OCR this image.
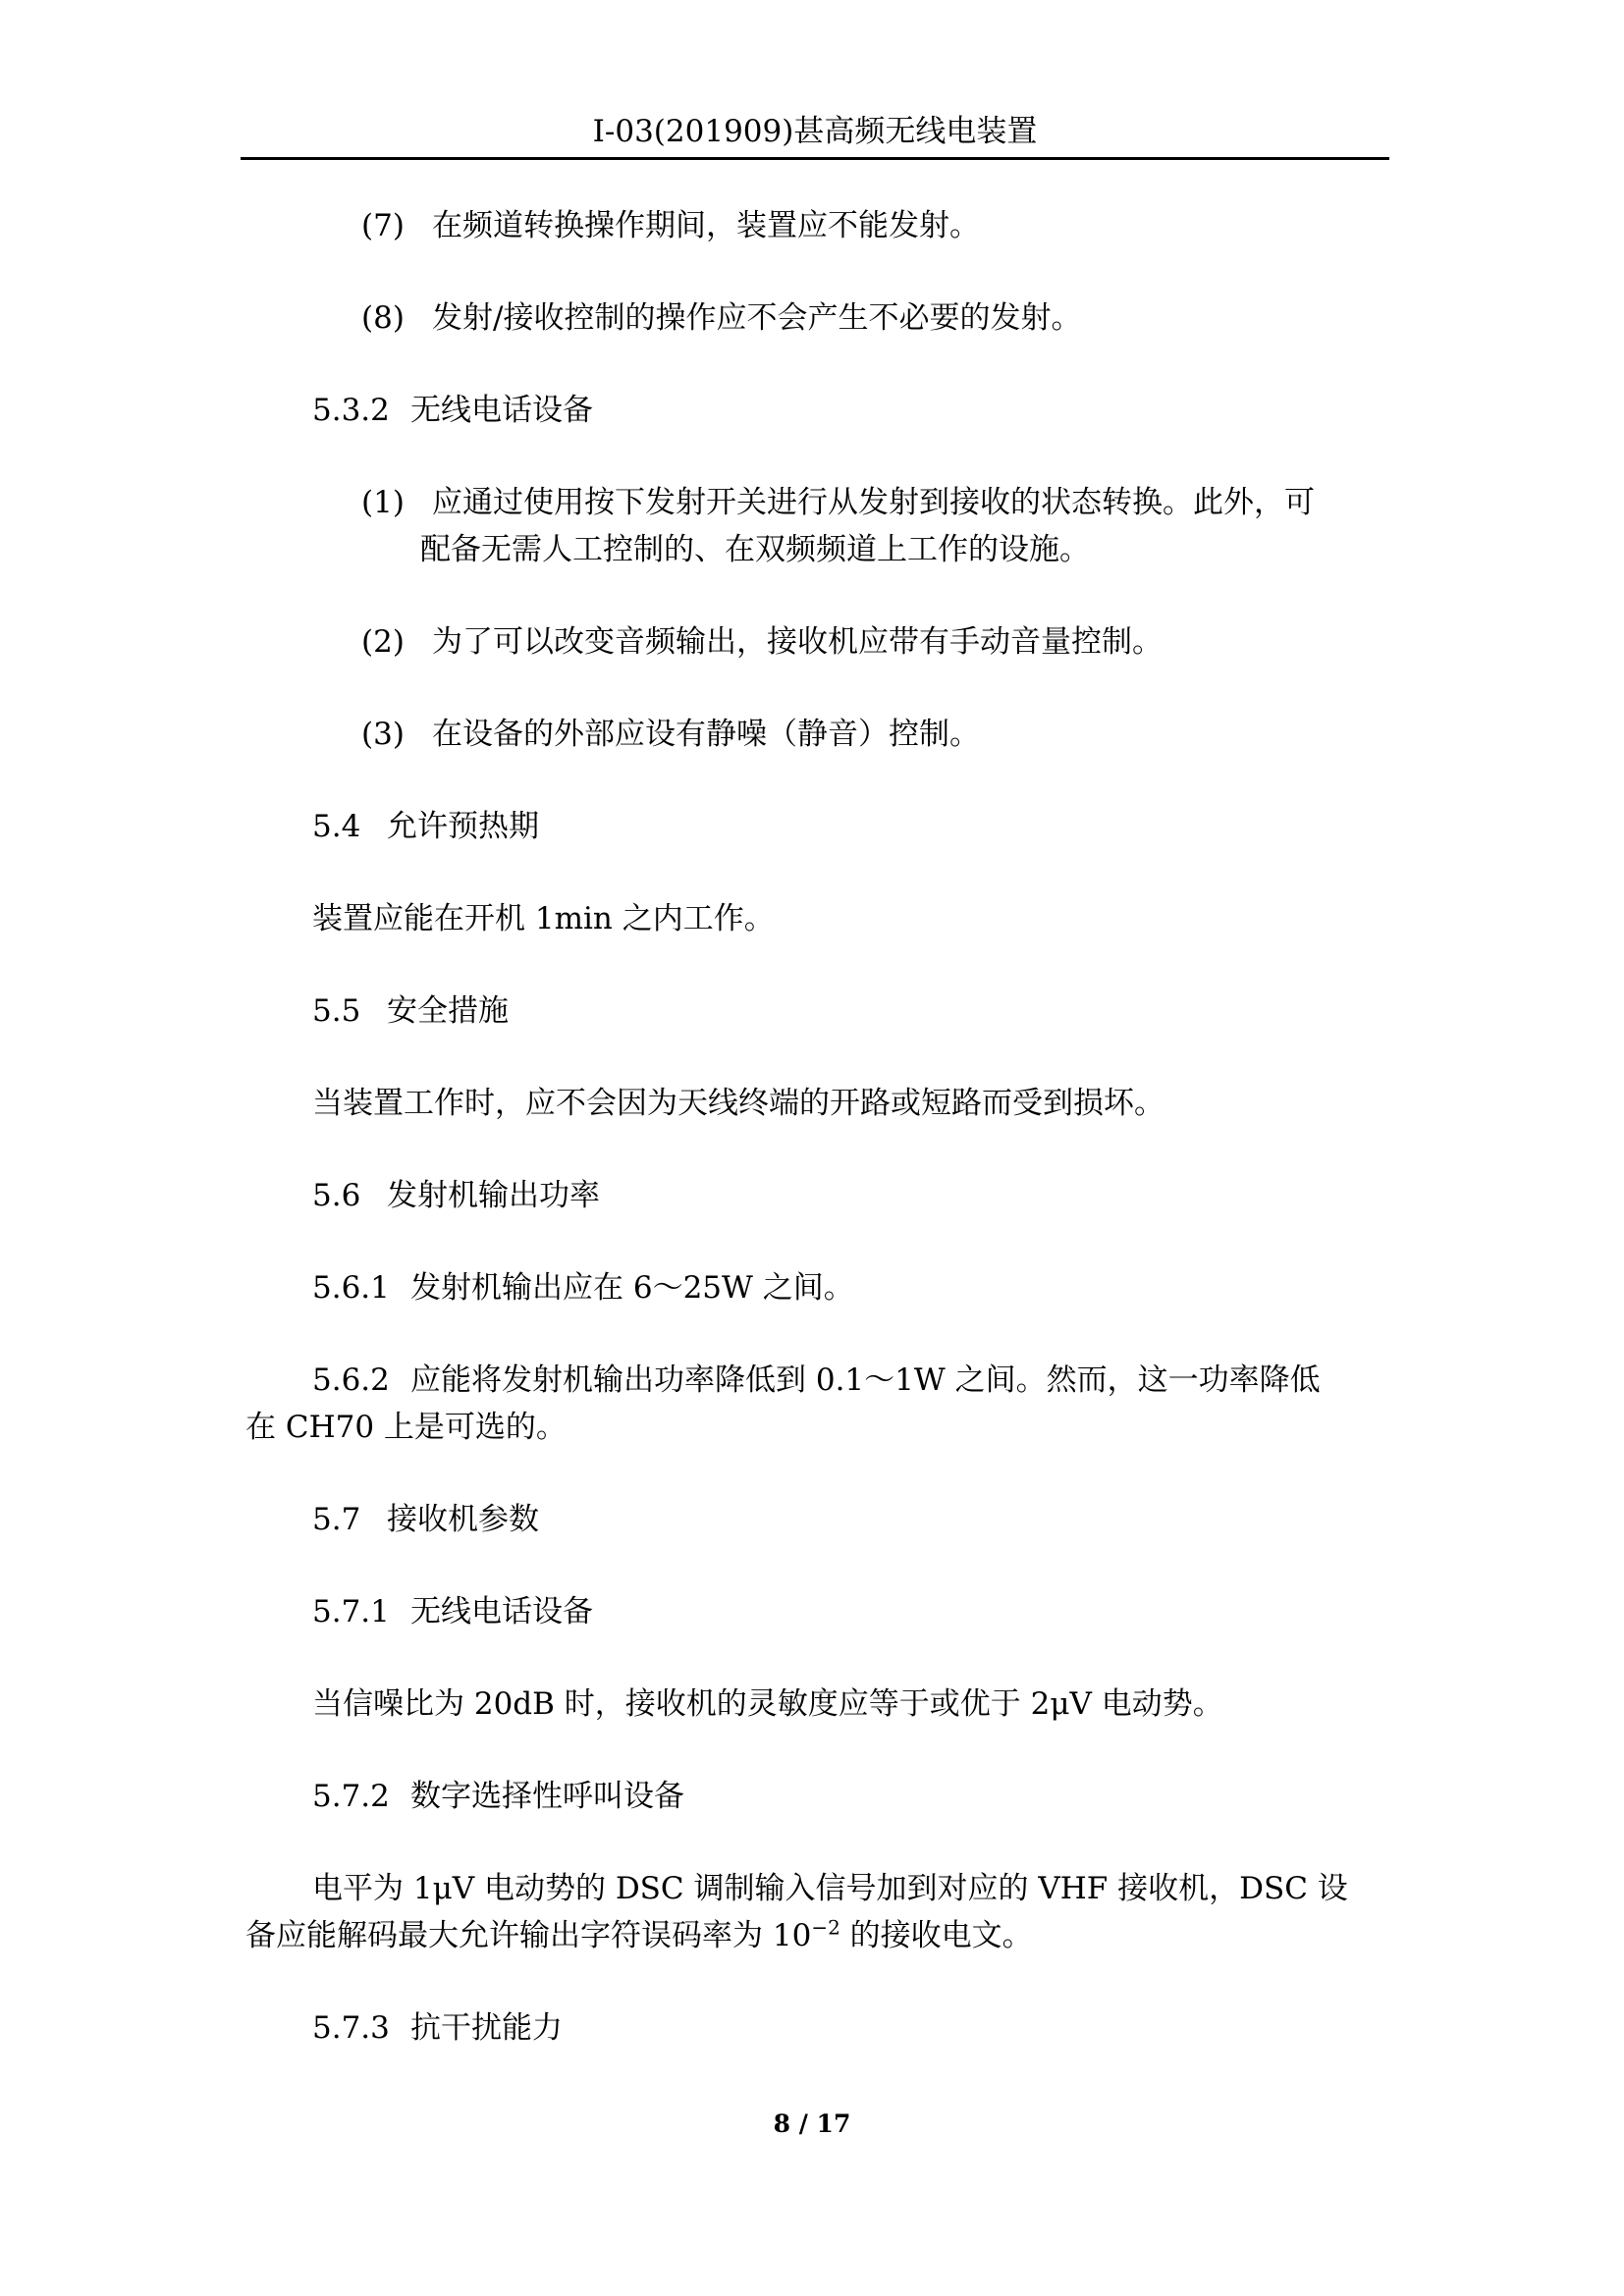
I-03(201909)甚高频无线电装置
(7) 在频道转换操作期间，装置应不能发射。
(8) 发射/接收控制的操作应不会产生不必要的发射。
5.3.2 无线电话设备
(1) 应通过使用按下发射开关进行从发射到接收的状态转换。此外，可
配备无需人工控制的、在双频频道上工作的设施。
(2) 为了可以改变音频输出，接收机应带有手动音量控制。
(3) 在设备的外部应设有静噪（静音）控制。
5.4 允许预热期
装置应能在开机 1min 之内工作。
5.5 安全措施
当装置工作时，应不会因为天线终端的开路或短路而受到损坏。
5.6 发射机输出功率
5.6.1 发射机输出应在 6～25W 之间。
5.6.2 应能将发射机输出功率降低到 0.1～1W 之间。然而，这一功率降低
在 CH70 上是可选的。
5.7 接收机参数
5.7.1 无线电话设备
当信噪比为 20dB 时，接收机的灵敏度应等于或优于 2μV 电动势。
5.7.2 数字选择性呼叫设备
电平为 1μV 电动势的 DSC 调制输入信号加到对应的 VHF 接收机，DSC 设
备应能解码最大允许输出字符误码率为 $10^{-2}$ 的接收电文。
5.7.3 抗干扰能力
8 / 17
